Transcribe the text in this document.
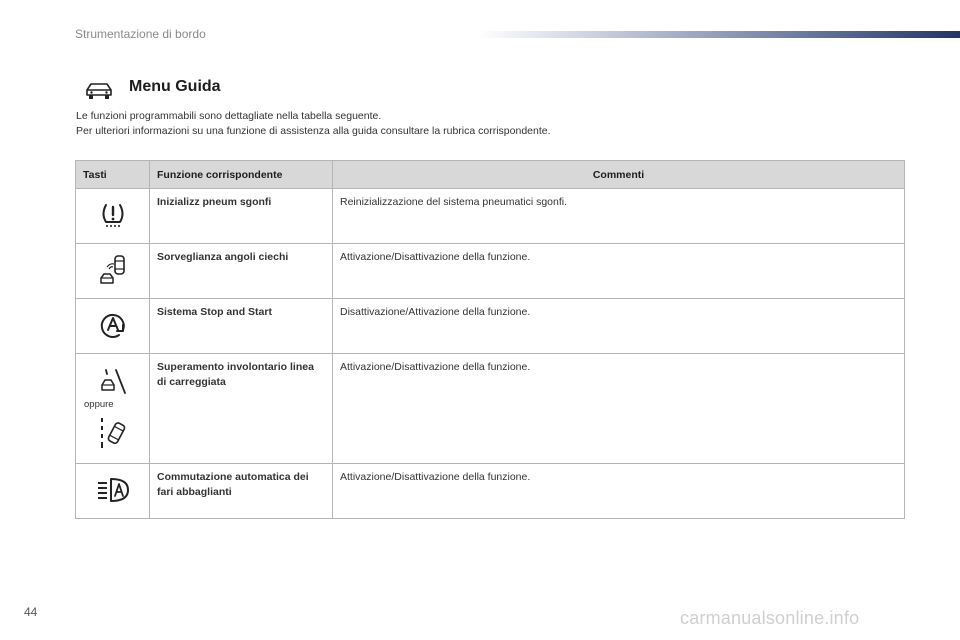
Strumentazione di bordo
Menu Guida
Le funzioni programmabili sono dettagliate nella tabella seguente.
Per ulteriori informazioni su una funzione di assistenza alla guida consultare la rubrica corrispondente.
Tasti	Funzione corrispondente	Commenti
	Inizializz pneum sgonfi	Reinizializzazione del sistema pneumatici sgonfi.
	Sorveglianza angoli ciechi	Attivazione/Disattivazione della funzione.
	Sistema Stop and Start	Disattivazione/Attivazione della funzione.

oppure	Superamento involontario linea di carreggiata	Attivazione/Disattivazione della funzione.
	Commutazione automatica dei fari abbaglianti	Attivazione/Disattivazione della funzione.
44	carmanualsonline.info
